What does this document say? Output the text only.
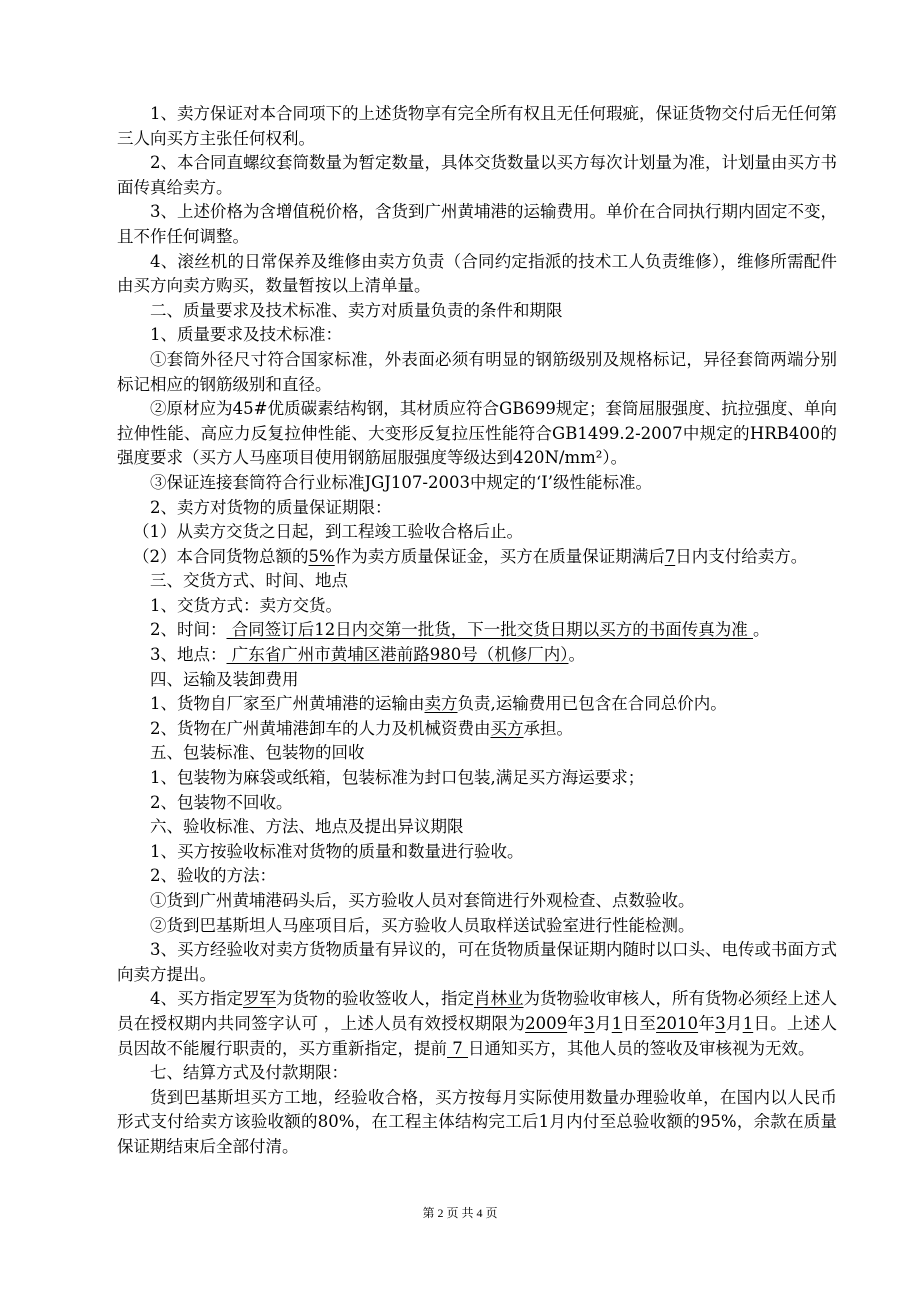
1、卖方保证对本合同项下的上述货物享有完全所有权且无任何瑕疵，保证货物交付后无任何第三人向买方主张任何权利。

2、本合同直螺纹套筒数量为暂定数量，具体交货数量以买方每次计划量为准，计划量由买方书面传真给卖方。

3、上述价格为含增值税价格，含货到广州黄埔港的运输费用。单价在合同执行期内固定不变，且不作任何调整。

4、滚丝机的日常保养及维修由卖方负责（合同约定指派的技术工人负责维修），维修所需配件由买方向卖方购买，数量暂按以上清单量。

二、质量要求及技术标准、卖方对质量负责的条件和期限

1、质量要求及技术标准：

①套筒外径尺寸符合国家标准，外表面必须有明显的钢筋级别及规格标记，异径套筒两端分别标记相应的钢筋级别和直径。

②原材应为45#优质碳素结构钢，其材质应符合GB699规定；套筒屈服强度、抗拉强度、单向拉伸性能、高应力反复拉伸性能、大变形反复拉压性能符合GB1499.2-2007中规定的HRB400的强度要求（买方人马座项目使用钢筋屈服强度等级达到420N/mm²）。

③保证连接套筒符合行业标准JGJ107-2003中规定的‘Ⅰ’级性能标准。

2、卖方对货物的质量保证期限：

（1）从卖方交货之日起，到工程竣工验收合格后止。

（2）本合同货物总额的5%作为卖方质量保证金，买方在质量保证期满后7日内支付给卖方。

三、交货方式、时间、地点

1、交货方式：卖方交货。

2、时间： 合同签订后12日内交第一批货，下一批交货日期以买方的书面传真为准 。

3、地点： 广东省广州市黄埔区港前路980号（机修厂内）。

四、运输及装卸费用

1、货物自厂家至广州黄埔港的运输由卖方负责,运输费用已包含在合同总价内。

2、货物在广州黄埔港卸车的人力及机械资费由买方承担。

五、包装标准、包装物的回收

1、包装物为麻袋或纸箱，包装标准为封口包装,满足买方海运要求；

2、包装物不回收。

六、验收标准、方法、地点及提出异议期限

1、买方按验收标准对货物的质量和数量进行验收。

2、验收的方法：

①货到广州黄埔港码头后，买方验收人员对套筒进行外观检查、点数验收。

②货到巴基斯坦人马座项目后，买方验收人员取样送试验室进行性能检测。

3、买方经验收对卖方货物质量有异议的，可在货物质量保证期内随时以口头、电传或书面方式向卖方提出。

4、买方指定罗军为货物的验收签收人，指定肖林业为货物验收审核人，所有货物必须经上述人员在授权期内共同签字认可 ，上述人员有效授权期限为2009年3月1日至2010年3月1日。上述人员因故不能履行职责的，买方重新指定，提前 7 日通知买方，其他人员的签收及审核视为无效。

七、结算方式及付款期限：

货到巴基斯坦买方工地，经验收合格，买方按每月实际使用数量办理验收单，在国内以人民币形式支付给卖方该验收额的80%，在工程主体结构完工后1月内付至总验收额的95%，余款在质量保证期结束后全部付清。

第 2 页 共 4 页
